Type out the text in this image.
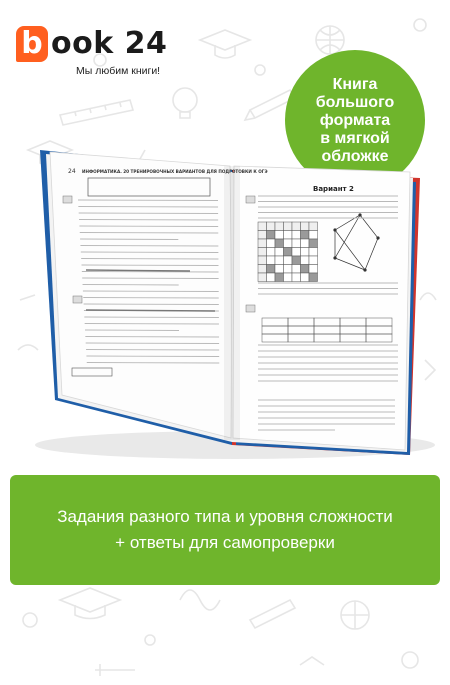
b ook 24
Мы любим книги!
Книга
большого
формата
в мягкой
обложке
24 ИНФОРМАТИКА. 20 ТРЕНИРОВОЧНЫХ ВАРИАНТОВ ДЛЯ ПОДГОТОВКИ К ОГЭ
Вариант 2
Задания разного типа и уровня сложности
+ ответы для самопроверки
